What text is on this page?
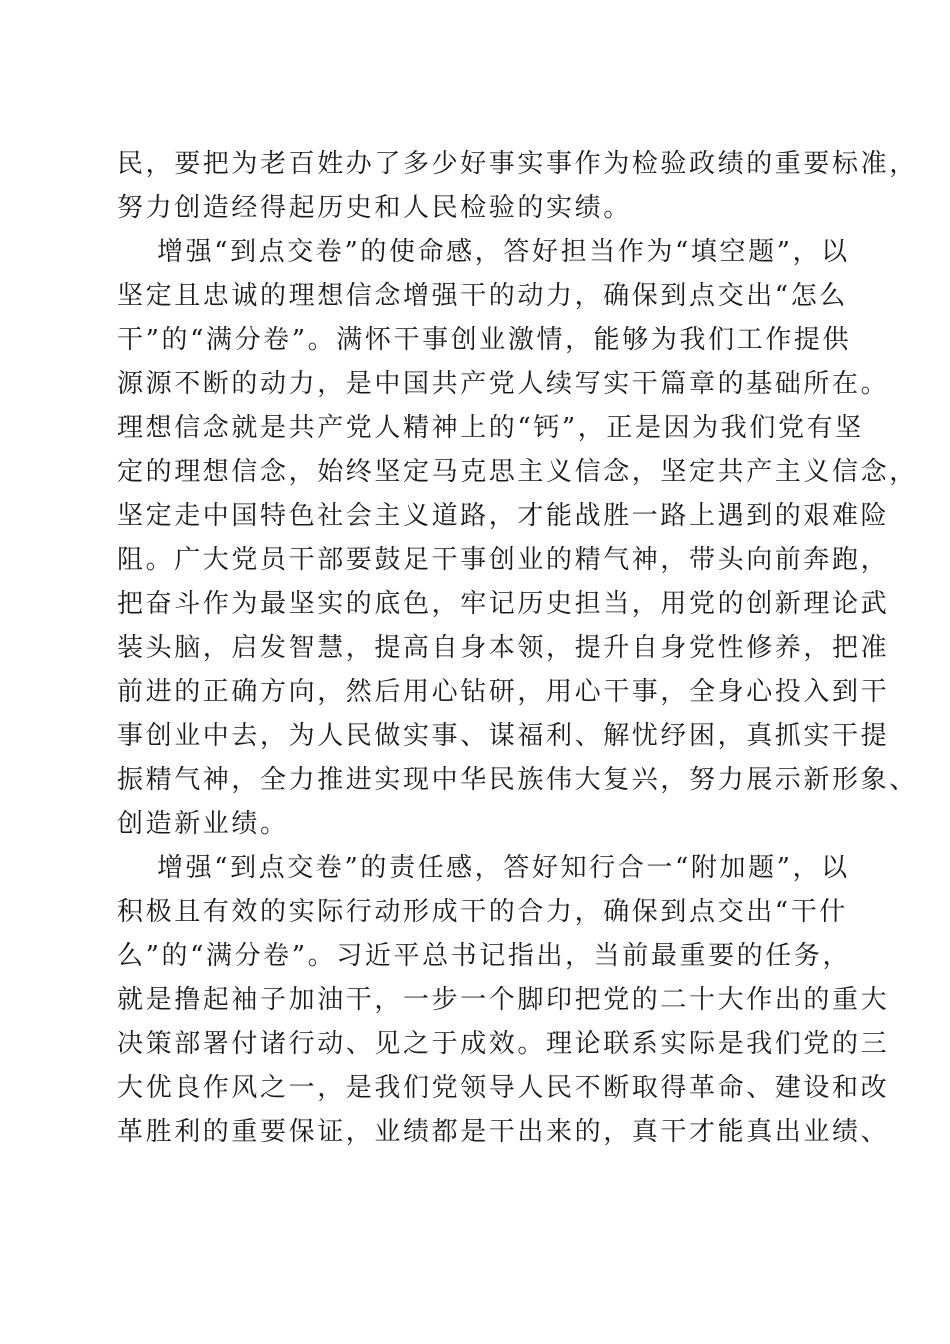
民，要把为老百姓办了多少好事实事作为检验政绩的重要标准，
努力创造经得起历史和人民检验的实绩。
增强“到点交卷”的使命感，答好担当作为“填空题”，以
坚定且忠诚的理想信念增强干的动力，确保到点交出“怎么
干”的“满分卷”。满怀干事创业激情，能够为我们工作提供
源源不断的动力，是中国共产党人续写实干篇章的基础所在。
理想信念就是共产党人精神上的“钙”，正是因为我们党有坚
定的理想信念，始终坚定马克思主义信念，坚定共产主义信念，
坚定走中国特色社会主义道路，才能战胜一路上遇到的艰难险
阻。广大党员干部要鼓足干事创业的精气神，带头向前奔跑，
把奋斗作为最坚实的底色，牢记历史担当，用党的创新理论武
装头脑，启发智慧，提高自身本领，提升自身党性修养，把准
前进的正确方向，然后用心钻研，用心干事，全身心投入到干
事创业中去，为人民做实事、谋福利、解忧纾困，真抓实干提
振精气神，全力推进实现中华民族伟大复兴，努力展示新形象、
创造新业绩。
增强“到点交卷”的责任感，答好知行合一“附加题”，以
积极且有效的实际行动形成干的合力，确保到点交出“干什
么”的“满分卷”。习近平总书记指出，当前最重要的任务，
就是撸起袖子加油干，一步一个脚印把党的二十大作出的重大
决策部署付诸行动、见之于成效。理论联系实际是我们党的三
大优良作风之一，是我们党领导人民不断取得革命、建设和改
革胜利的重要保证，业绩都是干出来的，真干才能真出业绩、
